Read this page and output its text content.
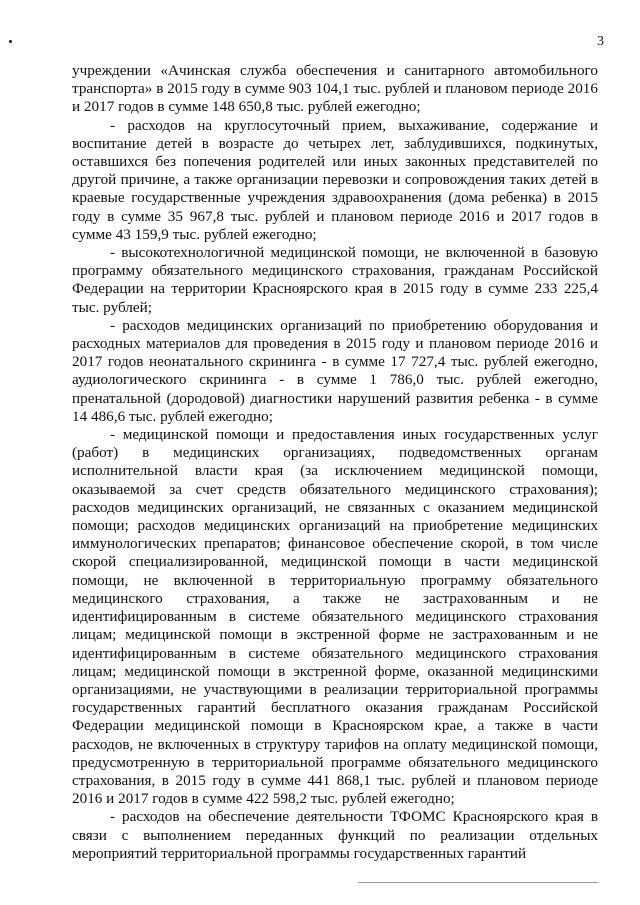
3

учреждении «Ачинская служба обеспечения и санитарного автомобильного транспорта» в 2015 году в сумме 903 104,1 тыс. рублей и плановом периоде 2016 и 2017 годов в сумме 148 650,8 тыс. рублей ежегодно;

- расходов на круглосуточный прием, выхаживание, содержание и воспитание детей в возрасте до четырех лет, заблудившихся, подкинутых, оставшихся без попечения родителей или иных законных представителей по другой причине, а также организации перевозки и сопровождения таких детей в краевые государственные учреждения здравоохранения (дома ребенка) в 2015 году в сумме 35 967,8 тыс. рублей и плановом периоде 2016 и 2017 годов в сумме 43 159,9 тыс. рублей ежегодно;

- высокотехнологичной медицинской помощи, не включенной в базовую программу обязательного медицинского страхования, гражданам Российской Федерации на территории Красноярского края в 2015 году в сумме 233 225,4 тыс. рублей;

- расходов медицинских организаций по приобретению оборудования и расходных материалов для проведения в 2015 году и плановом периоде 2016 и 2017 годов неонатального скрининга - в сумме 17 727,4 тыс. рублей ежегодно, аудиологического скрининга - в сумме 1 786,0 тыс. рублей ежегодно, пренатальной (дородовой) диагностики нарушений развития ребенка - в сумме 14 486,6 тыс. рублей ежегодно;

- медицинской помощи и предоставления иных государственных услуг (работ) в медицинских организациях, подведомственных органам исполнительной власти края (за исключением медицинской помощи, оказываемой за счет средств обязательного медицинского страхования); расходов медицинских организаций, не связанных с оказанием медицинской помощи; расходов медицинских организаций на приобретение медицинских иммунологических препаратов; финансовое обеспечение скорой, в том числе скорой специализированной, медицинской помощи в части медицинской помощи, не включенной в территориальную программу обязательного медицинского страхования, а также не застрахованным и не идентифицированным в системе обязательного медицинского страхования лицам; медицинской помощи в экстренной форме не застрахованным и не идентифицированным в системе обязательного медицинского страхования лицам; медицинской помощи в экстренной форме, оказанной медицинскими организациями, не участвующими в реализации территориальной программы государственных гарантий бесплатного оказания гражданам Российской Федерации медицинской помощи в Красноярском крае, а также в части расходов, не включенных в структуру тарифов на оплату медицинской помощи, предусмотренную в территориальной программе обязательного медицинского страхования, в 2015 году в сумме 441 868,1 тыс. рублей и плановом периоде 2016 и 2017 годов в сумме 422 598,2 тыс. рублей ежегодно;

- расходов на обеспечение деятельности ТФОМС Красноярского края в связи с выполнением переданных функций по реализации отдельных мероприятий территориальной программы государственных гарантий
